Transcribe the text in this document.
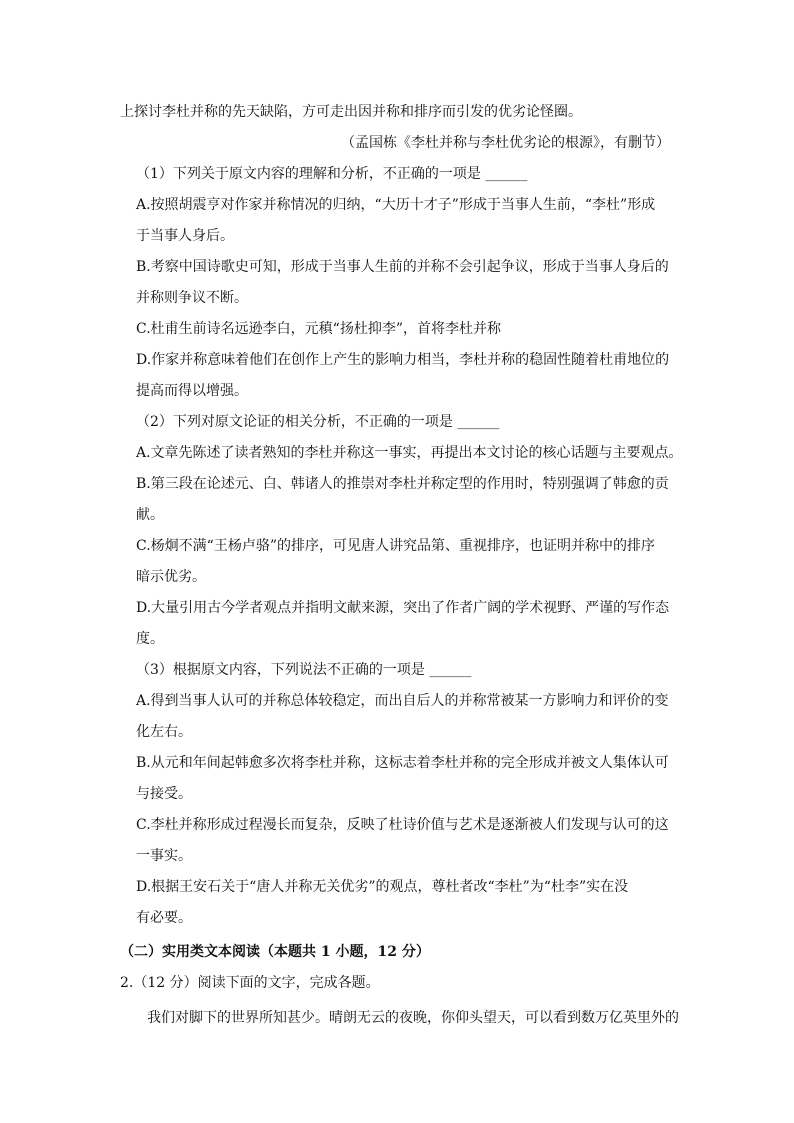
上探讨李杜并称的先天缺陷，方可走出因并称和排序而引发的优劣论怪圈。
（孟国栋《李杜并称与李杜优劣论的根源》，有删节）
（1）下列关于原文内容的理解和分析，不正确的一项是 ______
A.按照胡震亨对作家并称情况的归纳，“大历十才子”形成于当事人生前，“李杜”形成
于当事人身后。
B.考察中国诗歌史可知，形成于当事人生前的并称不会引起争议，形成于当事人身后的
并称则争议不断。
C.杜甫生前诗名远逊李白，元稹“扬杜抑李”，首将李杜并称
D.作家并称意味着他们在创作上产生的影响力相当，李杜并称的稳固性随着杜甫地位的
提高而得以增强。
（2）下列对原文论证的相关分析，不正确的一项是 ______
A.文章先陈述了读者熟知的李杜并称这一事实，再提出本文讨论的核心话题与主要观点。
B.第三段在论述元、白、韩诸人的推崇对李杜并称定型的作用时，特别强调了韩愈的贡
献。
C.杨炯不满“王杨卢骆”的排序，可见唐人讲究品第、重视排序，也证明并称中的排序
暗示优劣。
D.大量引用古今学者观点并指明文献来源，突出了作者广阔的学术视野、严谨的写作态
度。
（3）根据原文内容，下列说法不正确的一项是 ______
A.得到当事人认可的并称总体较稳定，而出自后人的并称常被某一方影响力和评价的变
化左右。
B.从元和年间起韩愈多次将李杜并称，这标志着李杜并称的完全形成并被文人集体认可
与接受。
C.李杜并称形成过程漫长而复杂，反映了杜诗价值与艺术是逐渐被人们发现与认可的这
一事实。
D.根据王安石关于“唐人并称无关优劣”的观点，尊杜者改“李杜”为“杜李”实在没
有必要。
（二）实用类文本阅读（本题共 1 小题，12 分）
2.（12 分）阅读下面的文字，完成各题。
我们对脚下的世界所知甚少。晴朗无云的夜晚，你仰头望天，可以看到数万亿英里外的
